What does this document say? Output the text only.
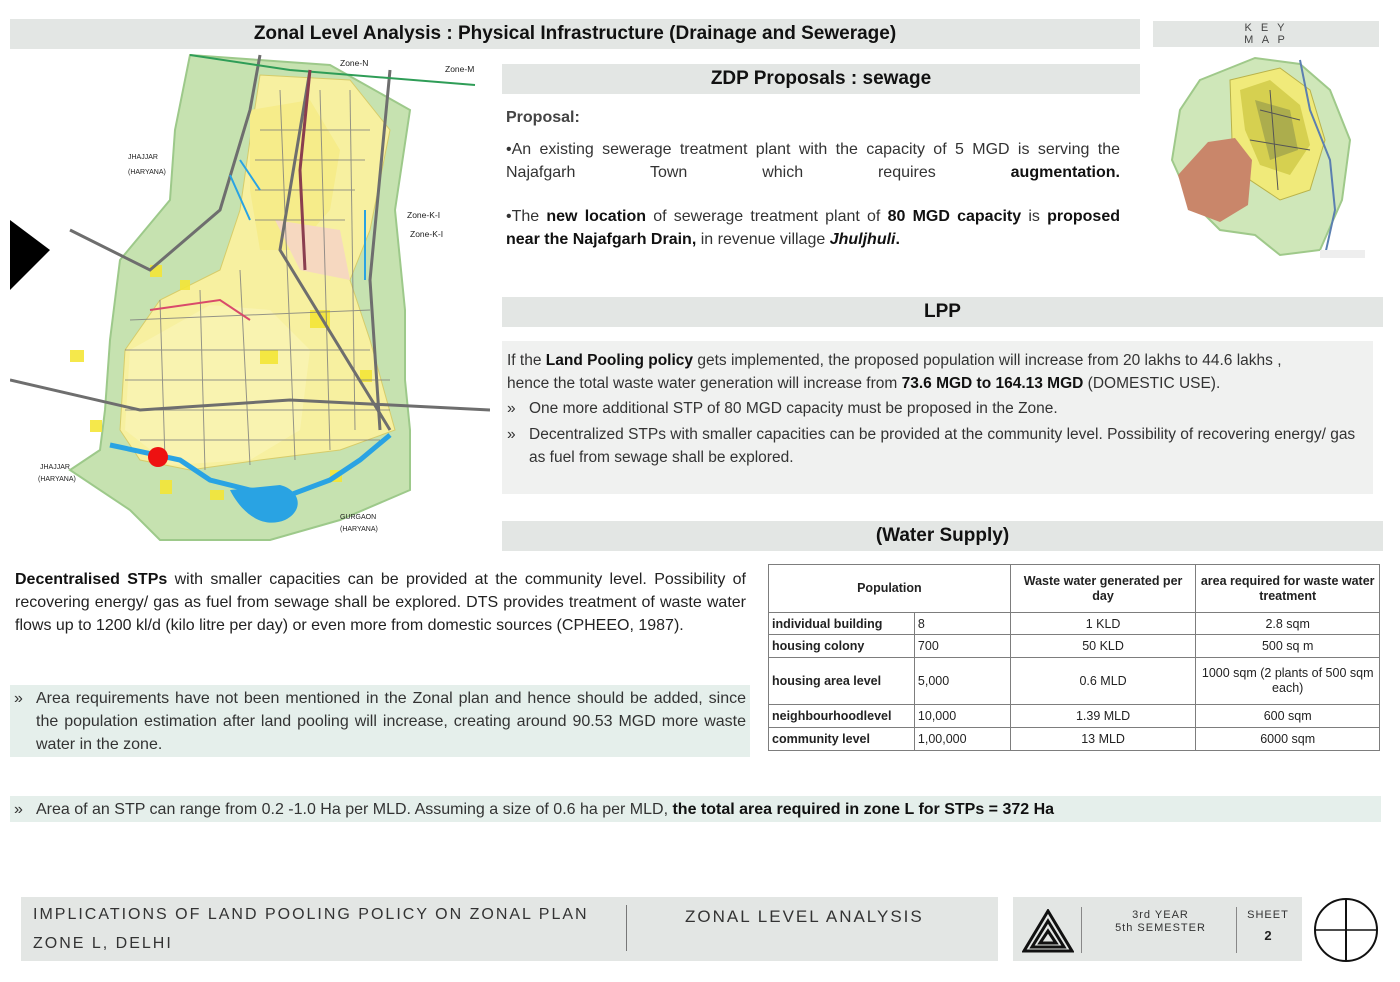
Zonal Level Analysis : Physical Infrastructure (Drainage and Sewerage)	K E Y
M A P
Zone-N
Zone-M
Zone-K-I
Zone-K-I
JHAJJAR
(HARYANA)
JHAJJAR
(HARYANA)
GURGAON
(HARYANA)
ZDP Proposals : sewage
Proposal:
•An existing sewerage treatment plant with the capacity of 5 MGD is serving the Najafgarh Town which requires augmentation.
•The new location of sewerage treatment plant of 80 MGD capacity is proposed near the Najafgarh Drain, in revenue village Jhuljhuli.
LPP
If the Land Pooling policy gets implemented, the proposed population will increase from 20 lakhs to 44.6 lakhs ,
hence the total waste water generation will increase from 73.6 MGD to 164.13 MGD (DOMESTIC USE).
» One more additional STP of 80 MGD capacity must be proposed in the Zone.
» Decentralized STPs with smaller capacities can be provided at the community level. Possibility of recovering energy/ gas as fuel from sewage shall be explored.
(Water Supply)
Decentralised STPs with smaller capacities can be provided at the community level. Possibility of recovering energy/ gas as fuel from sewage shall be explored. DTS provides treatment of waste water flows up to 1200 kl/d (kilo litre per day) or even more from domestic sources (CPHEEO, 1987).
» Area requirements have not been mentioned in the Zonal plan and hence should be added, since the population estimation after land pooling will increase, creating around 90.53 MGD more waste water in the zone.
Population		Waste water generated per day	area required for waste water treatment
individual building	8	1 KLD	2.8 sqm
housing colony	700	50 KLD	500 sq m
housing area level	5,000	0.6 MLD	1000 sqm (2 plants of 500 sqm each)
neighbourhoodlevel	10,000	1.39 MLD	600 sqm
community level	1,00,000	13 MLD	6000 sqm
» Area of an STP can range from 0.2 -1.0 Ha per MLD. Assuming a size of 0.6 ha per MLD, the total area required in zone L for STPs = 372 Ha
IMPLICATIONS OF LAND POOLING POLICY ON ZONAL PLAN
ZONE L, DELHI
ZONAL LEVEL ANALYSIS	3rd YEAR
5th SEMESTER
SHEET
2
